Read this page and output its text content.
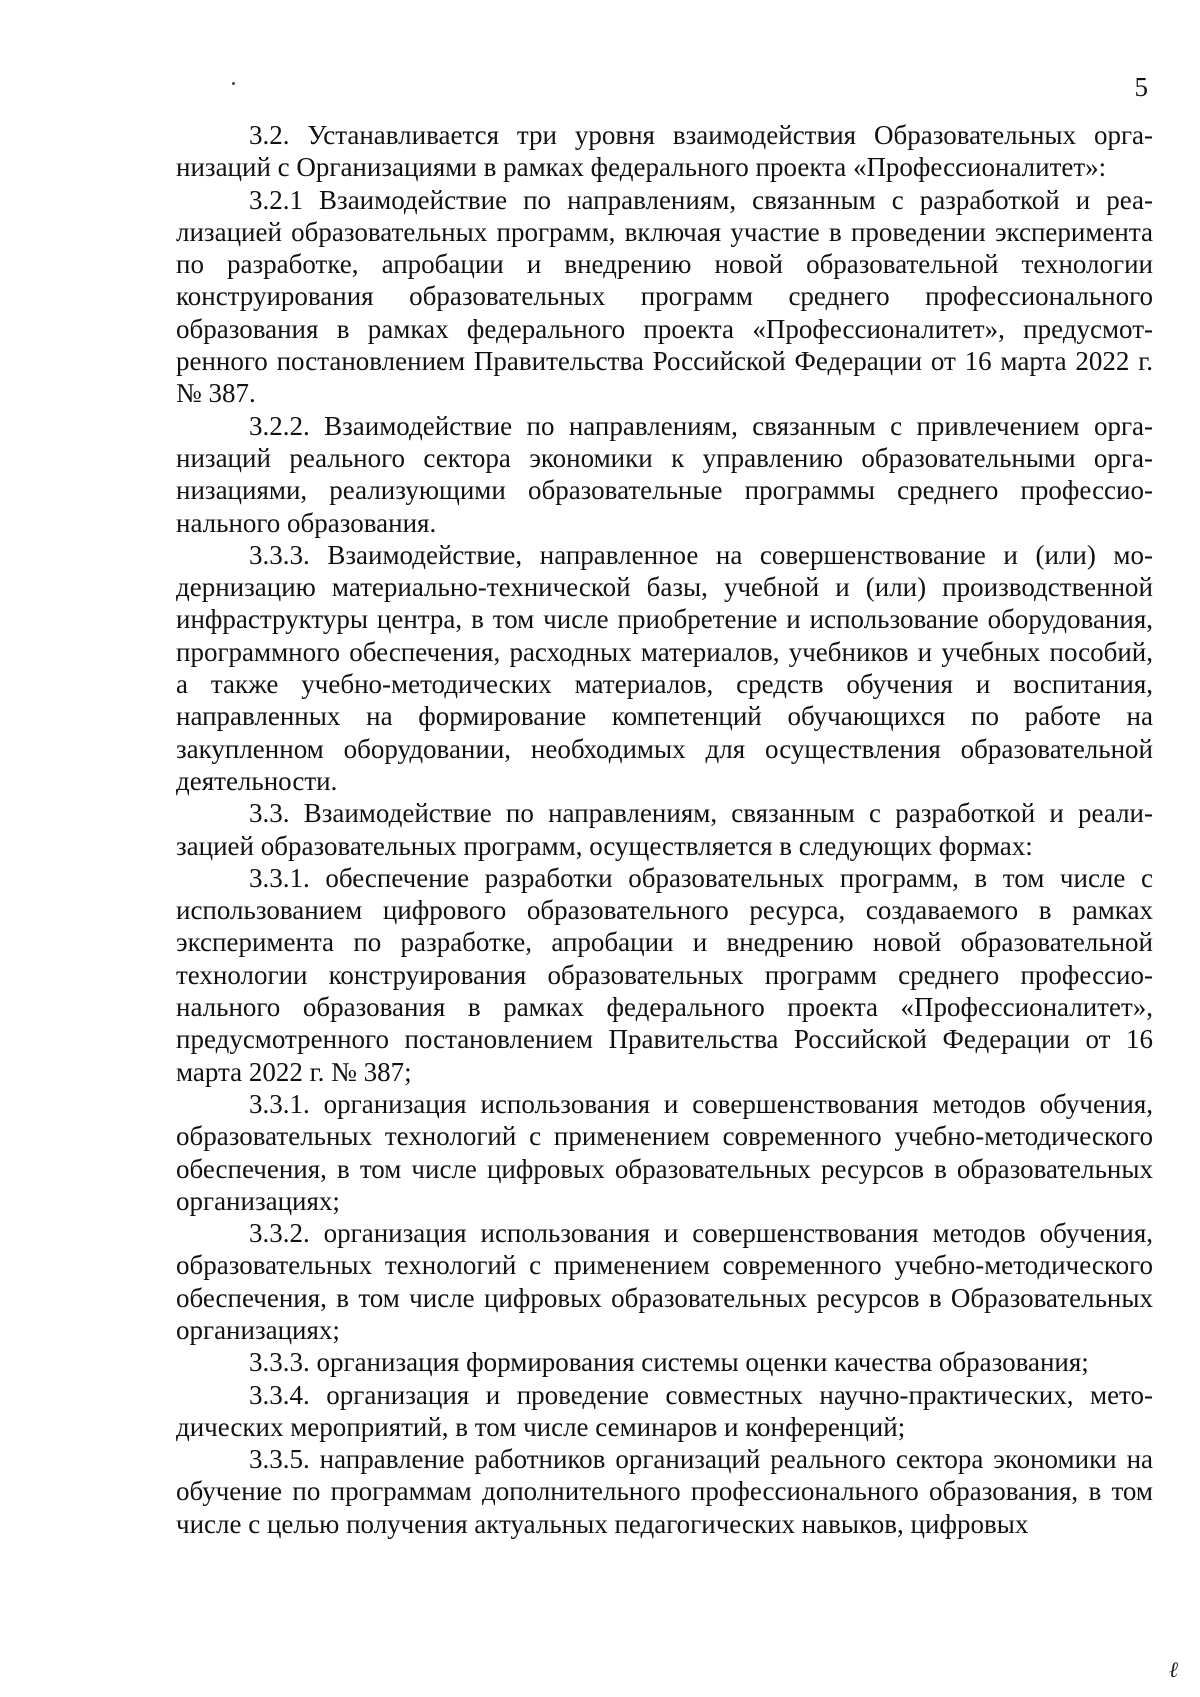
5

3.2. Устанавливается три уровня взаимодействия Образовательных организаций с Организациями в рамках федерального проекта «Профессионалитет»:

3.2.1 Взаимодействие по направлениям, связанным с разработкой и реализацией образовательных программ, включая участие в проведении эксперимента по разработке, апробации и внедрению новой образовательной технологии конструирования образовательных программ среднего профессионального образования в рамках федерального проекта «Профессионалитет», предусмотренного постановлением Правительства Российской Федерации от 16 марта 2022 г. № 387.

3.2.2. Взаимодействие по направлениям, связанным с привлечением организаций реального сектора экономики к управлению образовательными организациями, реализующими образовательные программы среднего профессионального образования.

3.3.3. Взаимодействие, направленное на совершенствование и (или) модернизацию материально-технической базы, учебной и (или) производственной инфраструктуры центра, в том числе приобретение и использование оборудования, программного обеспечения, расходных материалов, учебников и учебных пособий, а также учебно-методических материалов, средств обучения и воспитания, направленных на формирование компетенций обучающихся по работе на закупленном оборудовании, необходимых для осуществления образовательной деятельности.

3.3. Взаимодействие по направлениям, связанным с разработкой и реализацией образовательных программ, осуществляется в следующих формах:

3.3.1. обеспечение разработки образовательных программ, в том числе с использованием цифрового образовательного ресурса, создаваемого в рамках эксперимента по разработке, апробации и внедрению новой образовательной технологии конструирования образовательных программ среднего профессионального образования в рамках федерального проекта «Профессионалитет», предусмотренного постановлением Правительства Российской Федерации от 16 марта 2022 г. № 387;

3.3.1. организация использования и совершенствования методов обучения, образовательных технологий с применением современного учебно-методического обеспечения, в том числе цифровых образовательных ресурсов в образовательных организациях;

3.3.2. организация использования и совершенствования методов обучения, образовательных технологий с применением современного учебно-методического обеспечения, в том числе цифровых образовательных ресурсов в Образовательных организациях;

3.3.3. организация формирования системы оценки качества образования;

3.3.4. организация и проведение совместных научно-практических, методических мероприятий, в том числе семинаров и конференций;

3.3.5. направление работников организаций реального сектора экономики на обучение по программам дополнительного профессионального образования, в том числе с целью получения актуальных педагогических навыков, цифровых

ℓ
